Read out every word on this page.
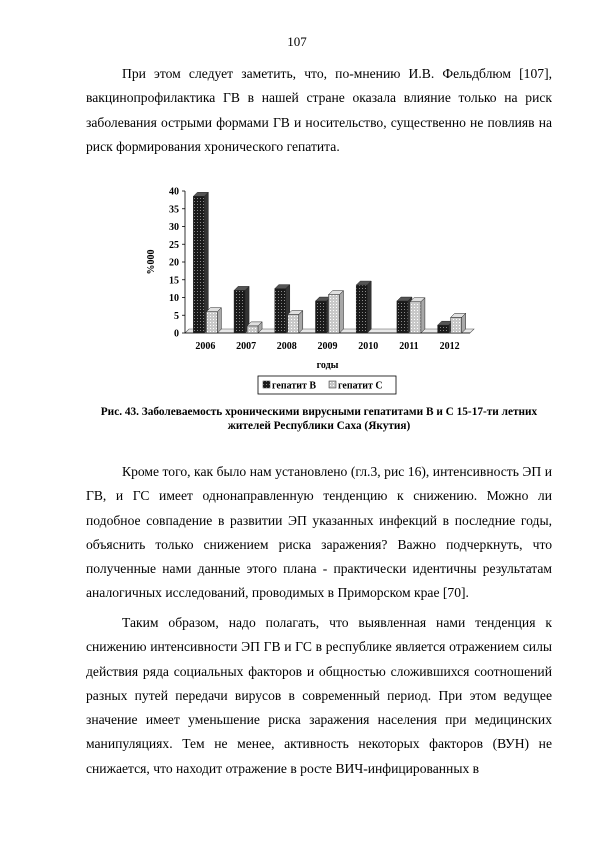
107

При этом следует заметить, что, по-мнению И.В. Фельдблюм [107], вакцинопрофилактика ГВ в нашей стране оказала влияние только на риск заболевания острыми формами ГВ и носительство, существенно не повлияв на риск формирования хронического гепатита.

0
5
10
15
20
25
30
35
40
%000
2006 2007 2008 2009 2010 2011 2012
годы
гепатит В гепатит С

Рис. 43. Заболеваемость хроническими вирусными гепатитами В и С 15-17-ти летних жителей Республики Саха (Якутия)

Кроме того, как было нам установлено (гл.3, рис 16), интенсивность ЭП и ГВ, и ГС имеет однонаправленную тенденцию к снижению. Можно ли подобное совпадение в развитии ЭП указанных инфекций в последние годы, объяснить только снижением риска заражения? Важно подчеркнуть, что полученные нами данные этого плана - практически идентичны результатам аналогичных исследований, проводимых в Приморском крае [70].

Таким образом, надо полагать, что выявленная нами тенденция к снижению интенсивности ЭП ГВ и ГС в республике является отражением силы действия ряда социальных факторов и общностью сложившихся соотношений разных путей передачи вирусов в современный период. При этом ведущее значение имеет уменьшение риска заражения населения при медицинских манипуляциях. Тем не менее, активность некоторых факторов (ВУН) не снижается, что находит отражение в росте ВИЧ-инфицированных в
